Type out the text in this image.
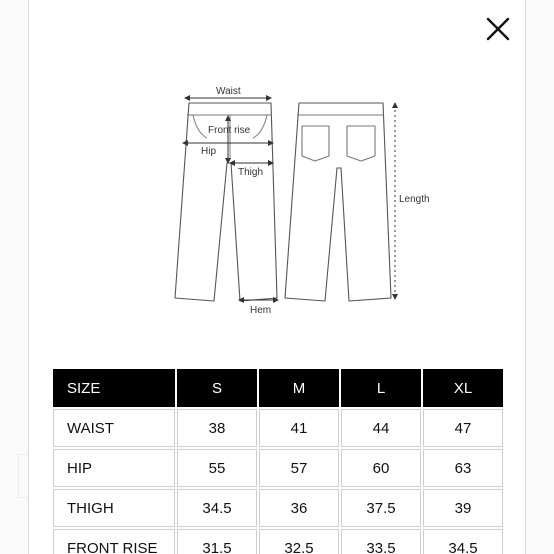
Waist
Front rise
Hip
Thigh
Hem
Length
SIZE	S	M	L	XL
WAIST	38	41	44	47
HIP	55	57	60	63
THIGH	34.5	36	37.5	39
FRONT RISE	31.5	32.5	33.5	34.5
